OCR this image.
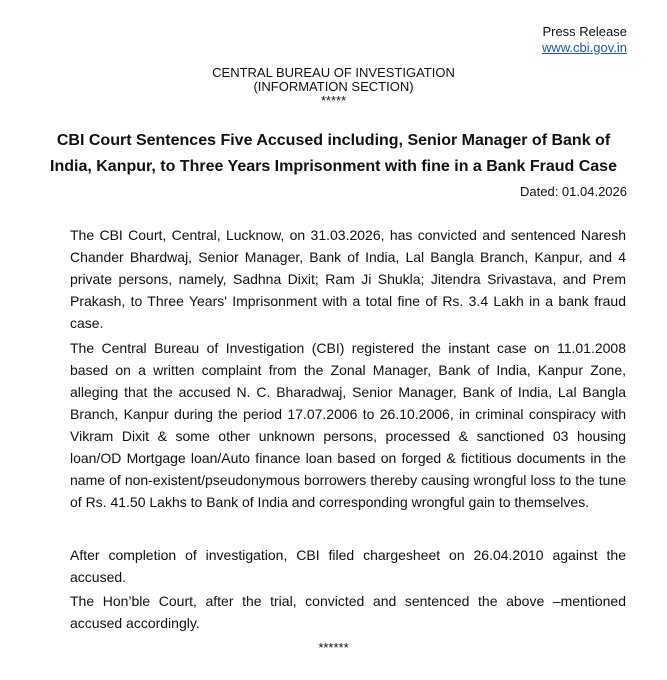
Press Release
www.cbi.gov.in
CENTRAL BUREAU OF INVESTIGATION
(INFORMATION SECTION)
*****
CBI Court Sentences Five Accused including, Senior Manager of Bank of India, Kanpur, to Three Years Imprisonment with fine in a Bank Fraud Case
Dated: 01.04.2026

The CBI Court, Central, Lucknow, on 31.03.2026, has convicted and sentenced Naresh Chander Bhardwaj, Senior Manager, Bank of India, Lal Bangla Branch, Kanpur, and 4 private persons, namely, Sadhna Dixit; Ram Ji Shukla; Jitendra Srivastava, and Prem Prakash, to Three Years' Imprisonment with a total fine of Rs. 3.4 Lakh in a bank fraud case.

The Central Bureau of Investigation (CBI) registered the instant case on 11.01.2008 based on a written complaint from the Zonal Manager, Bank of India, Kanpur Zone, alleging that the accused N. C. Bharadwaj, Senior Manager, Bank of India, Lal Bangla Branch, Kanpur during the period 17.07.2006 to 26.10.2006, in criminal conspiracy with Vikram Dixit & some other unknown persons, processed & sanctioned 03 housing loan/OD Mortgage loan/Auto finance loan based on forged & fictitious documents in the name of non-existent/pseudonymous borrowers thereby causing wrongful loss to the tune of Rs. 41.50 Lakhs to Bank of India and corresponding wrongful gain to themselves.

After completion of investigation, CBI filed chargesheet on 26.04.2010 against the accused.

The Hon’ble Court, after the trial, convicted and sentenced the above –mentioned accused accordingly.

******
